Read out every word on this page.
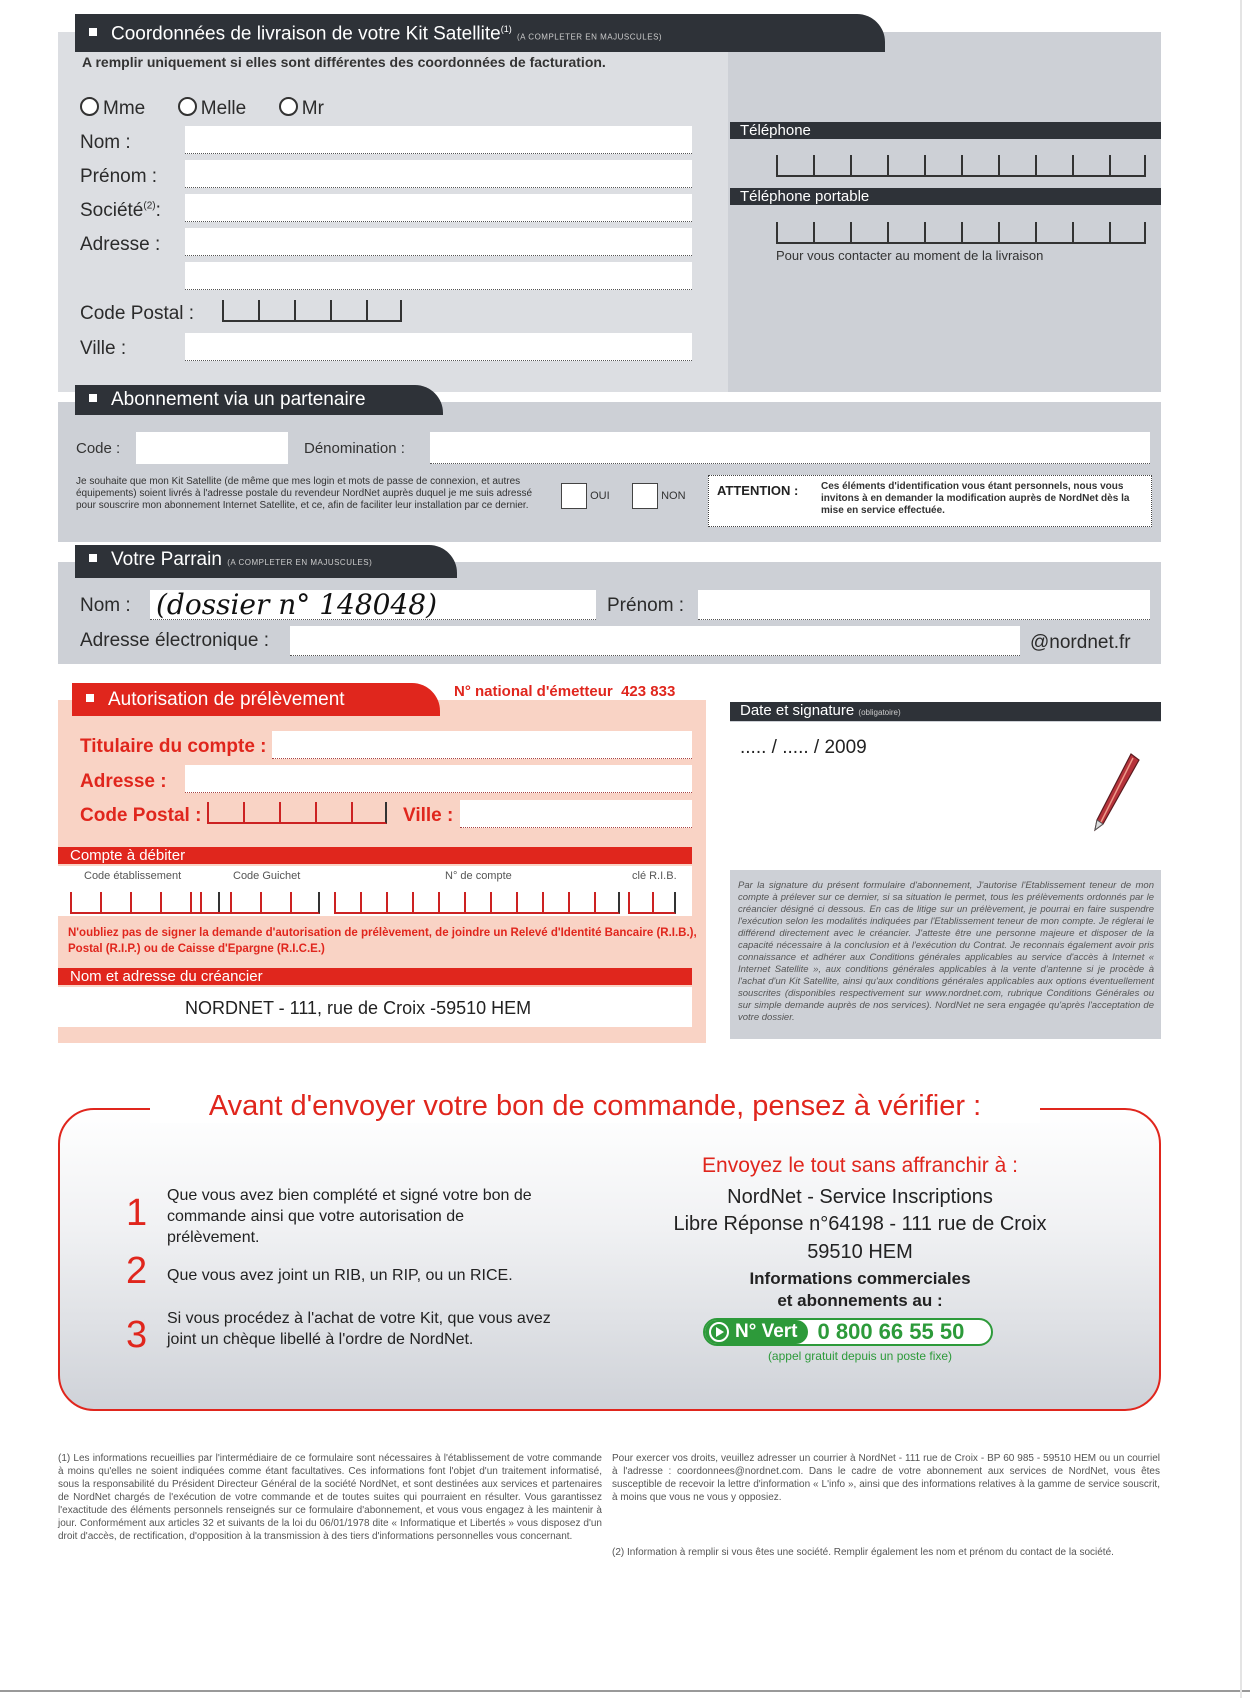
Coordonnées de livraison de votre Kit Satellite$^{(1)}$ (A COMPLETER EN MAJUSCULES)
A remplir uniquement si elles sont différentes des coordonnées de facturation.
Mme	Melle	Mr
Nom :
Prénom :
Société$^{(2)}$:
Adresse :
Code Postal :
Ville :
Téléphone
Téléphone portable
Pour vous contacter au moment de la livraison
Abonnement via un partenaire
Code :	Dénomination :
Je souhaite que mon Kit Satellite (de même que mes login et mots de passe de connexion, et autres équipements) soient livrés à l'adresse postale du revendeur NordNet auprès duquel je me suis adressé pour souscrire mon abonnement Internet Satellite, et ce, afin de faciliter leur installation par ce dernier.
OUI	NON ATTENTION : Ces éléments d'identification vous étant personnels, nous vous invitons à en demander la modification auprès de NordNet dès la mise en service effectuée.
Votre Parrain (A COMPLETER EN MAJUSCULES)
Nom : (dossier n° 148048)	Prénom :
Adresse électronique :	@nordnet.fr
Autorisation de prélèvement	N° national d'émetteur  423 833
Titulaire du compte :
Adresse :
Code Postal :	Ville :
Compte à débiter
Code établissement	Code Guichet	N° de compte	clé R.I.B.
N'oubliez pas de signer la demande d'autorisation de prélèvement, de joindre un Relevé d'Identité Bancaire (R.I.B.), Postal (R.I.P.) ou de Caisse d'Epargne (R.I.C.E.)
Nom et adresse du créancier
NORDNET - 111, rue de Croix -59510 HEM
Date et signature (obligatoire)
..... / ..... / 2009
Par la signature du présent formulaire d'abonnement, J'autorise l'Etablissement teneur de mon compte à prélever sur ce dernier, si sa situation le permet, tous les prélèvements ordonnés par le créancier désigné ci dessous. En cas de litige sur un prélèvement, je pourrai en faire suspendre l'exécution selon les modalités indiquées par l'Etablissement teneur de mon compte. Je réglerai le différend directement avec le créancier. J'atteste être une personne majeure et disposer de la capacité nécessaire à la conclusion et à l'exécution du Contrat. Je reconnais également avoir pris connaissance et adhérer aux Conditions générales applicables au service d'accès à Internet « Internet Satellite », aux conditions générales applicables à la vente d'antenne si je procède à l'achat d'un Kit Satellite, ainsi qu'aux conditions générales applicables aux options éventuellement souscrites (disponibles respectivement sur www.nordnet.com, rubrique Conditions Générales ou sur simple demande auprès de nos services). NordNet ne sera engagée qu'après l'acceptation de votre dossier.
Avant d'envoyer votre bon de commande, pensez à vérifier :
1 Que vous avez bien complété et signé votre bon de commande ainsi que votre autorisation de prélèvement.
2 Que vous avez joint un RIB, un RIP, ou un RICE.
3 Si vous procédez à l'achat de votre Kit, que vous avez joint un chèque libellé à l'ordre de NordNet.
Envoyez le tout sans affranchir à :
NordNet - Service Inscriptions
Libre Réponse n°64198 - 111 rue de Croix
59510 HEM
Informations commerciales
et abonnements au :
N° Vert 0 800 66 55 50
(appel gratuit depuis un poste fixe)
(1) Les informations recueillies par l'intermédiaire de ce formulaire sont nécessaires à l'établissement de votre commande à moins qu'elles ne soient indiquées comme étant facultatives. Ces informations font l'objet d'un traitement informatisé, sous la responsabilité du Président Directeur Général de la société NordNet, et sont destinées aux services et partenaires de NordNet chargés de l'exécution de votre commande et de toutes suites qui pourraient en résulter. Vous garantissez l'exactitude des éléments personnels renseignés sur ce formulaire d'abonnement, et vous vous engagez à les maintenir à jour. Conformément aux articles 32 et suivants de la loi du 06/01/1978 dite « Informatique et Libertés » vous disposez d'un droit d'accès, de rectification, d'opposition à la transmission à des tiers d'informations personnelles vous concernant.
Pour exercer vos droits, veuillez adresser un courrier à NordNet - 111 rue de Croix - BP 60 985 - 59510 HEM ou un courriel à l'adresse : coordonnees@nordnet.com. Dans le cadre de votre abonnement aux services de NordNet, vous êtes susceptible de recevoir la lettre d'information « L'info », ainsi que des informations relatives à la gamme de service souscrit, à moins que vous ne vous y opposiez.
(2) Information à remplir si vous êtes une société. Remplir également les nom et prénom du contact de la société.
